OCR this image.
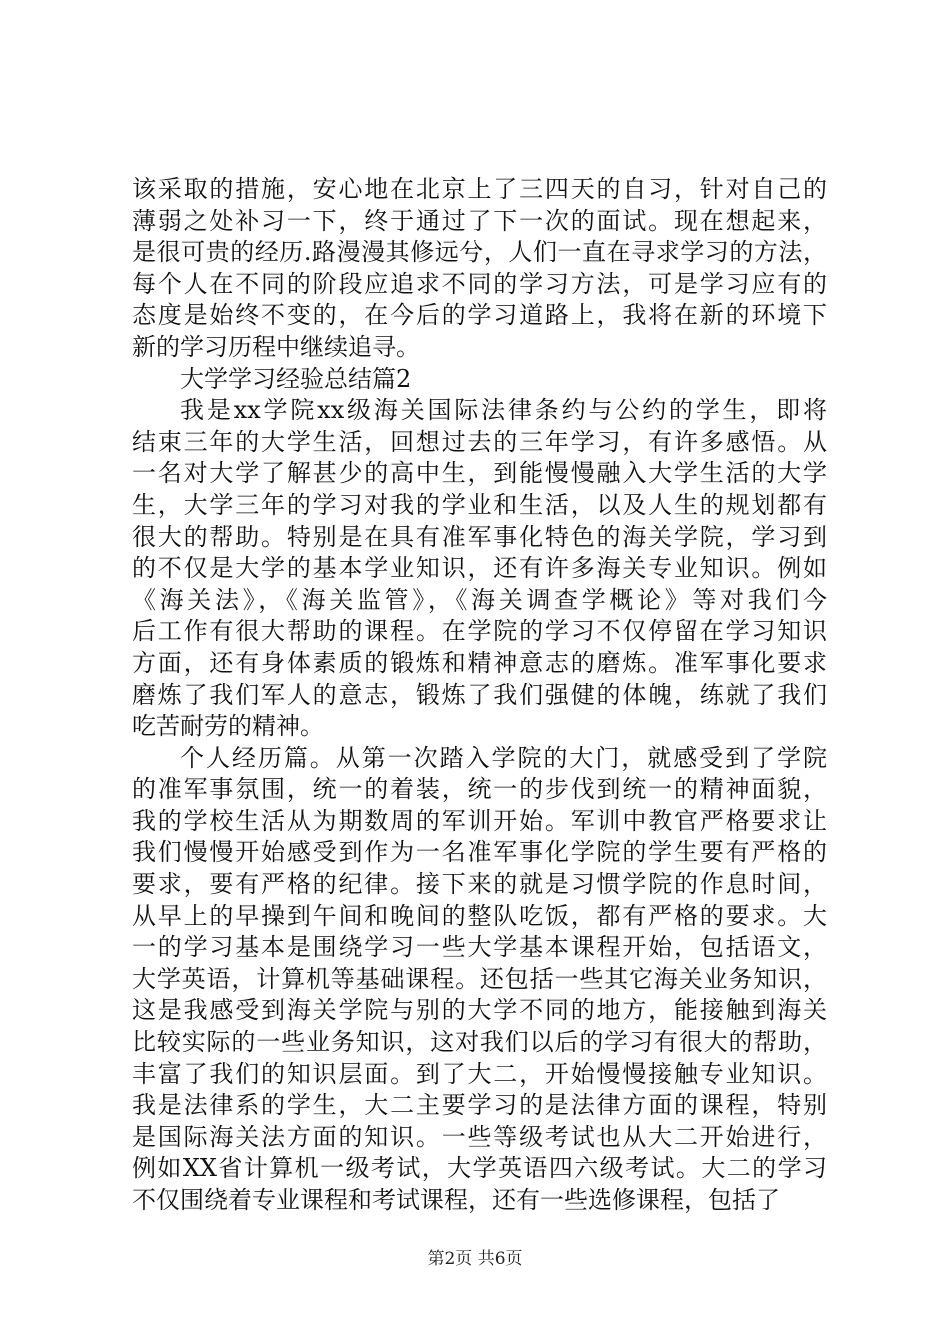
该采取的措施，安心地在北京上了三四天的自习，针对自己的
薄弱之处补习一下，终于通过了下一次的面试。现在想起来，
是很可贵的经历.路漫漫其修远兮，人们一直在寻求学习的方法，
每个人在不同的阶段应追求不同的学习方法，可是学习应有的
态度是始终不变的，在今后的学习道路上，我将在新的环境下
新的学习历程中继续追寻。
大学学习经验总结篇2
我是xx学院xx级海关国际法律条约与公约的学生，即将
结束三年的大学生活，回想过去的三年学习，有许多感悟。从
一名对大学了解甚少的高中生，到能慢慢融入大学生活的大学
生，大学三年的学习对我的学业和生活，以及人生的规划都有
很大的帮助。特别是在具有准军事化特色的海关学院，学习到
的不仅是大学的基本学业知识，还有许多海关专业知识。例如
《海关法》，《海关监管》，《海关调查学概论》等对我们今
后工作有很大帮助的课程。在学院的学习不仅停留在学习知识
方面，还有身体素质的锻炼和精神意志的磨炼。准军事化要求
磨炼了我们军人的意志，锻炼了我们强健的体魄，练就了我们
吃苦耐劳的精神。
个人经历篇。从第一次踏入学院的大门，就感受到了学院
的准军事氛围，统一的着装，统一的步伐到统一的精神面貌，
我的学校生活从为期数周的军训开始。军训中教官严格要求让
我们慢慢开始感受到作为一名准军事化学院的学生要有严格的
要求，要有严格的纪律。接下来的就是习惯学院的作息时间，
从早上的早操到午间和晚间的整队吃饭，都有严格的要求。大
一的学习基本是围绕学习一些大学基本课程开始，包括语文，
大学英语，计算机等基础课程。还包括一些其它海关业务知识，
这是我感受到海关学院与别的大学不同的地方，能接触到海关
比较实际的一些业务知识，这对我们以后的学习有很大的帮助，
丰富了我们的知识层面。到了大二，开始慢慢接触专业知识。
我是法律系的学生，大二主要学习的是法律方面的课程，特别
是国际海关法方面的知识。一些等级考试也从大二开始进行，
例如XX省计算机一级考试，大学英语四六级考试。大二的学习
不仅围绕着专业课程和考试课程，还有一些选修课程，包括了
第2页 共6页
